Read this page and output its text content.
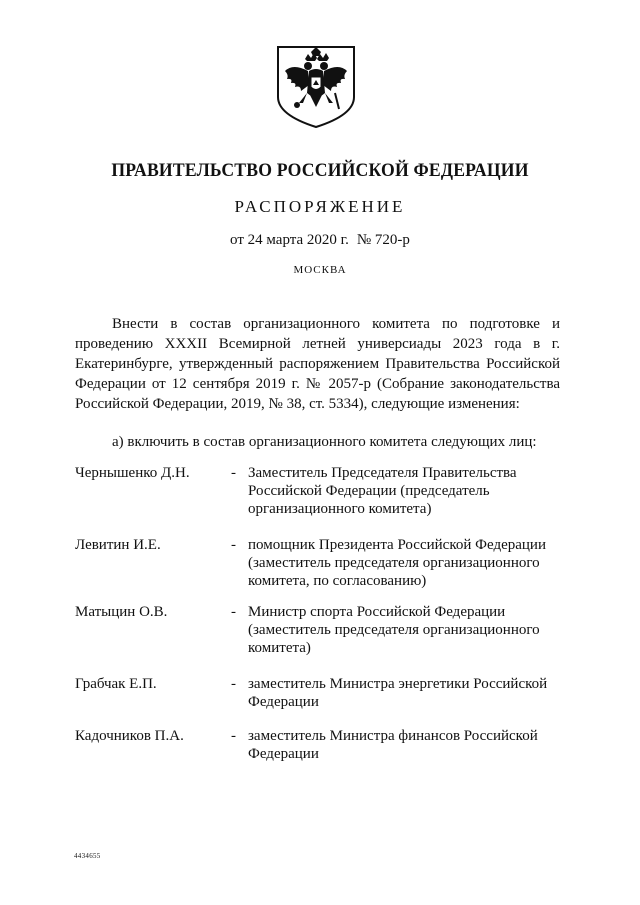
ПРАВИТЕЛЬСТВО РОССИЙСКОЙ ФЕДЕРАЦИИ
РАСПОРЯЖЕНИЕ
от 24 марта 2020 г. № 720-р
МОСКВА

Внести в состав организационного комитета по подготовке и проведению XXXII Всемирной летней универсиады 2023 года в г. Екатеринбурге, утвержденный распоряжением Правительства Российской Федерации от 12 сентября 2019 г. № 2057-р (Собрание законодательства Российской Федерации, 2019, № 38, ст. 5334), следующие изменения:

а) включить в состав организационного комитета следующих лиц:
Чернышенко Д.Н.	- Заместитель Председателя Правительства Российской Федерации (председатель организационного комитета)
Левитин И.Е.	- помощник Президента Российской Федерации (заместитель председателя организационного комитета, по согласованию)
Матыцин О.В.	- Министр спорта Российской Федерации (заместитель председателя организационного комитета)
Грабчак Е.П.	- заместитель Министра энергетики Российской Федерации
Кадочников П.А.	- заместитель Министра финансов Российской Федерации
4434655
